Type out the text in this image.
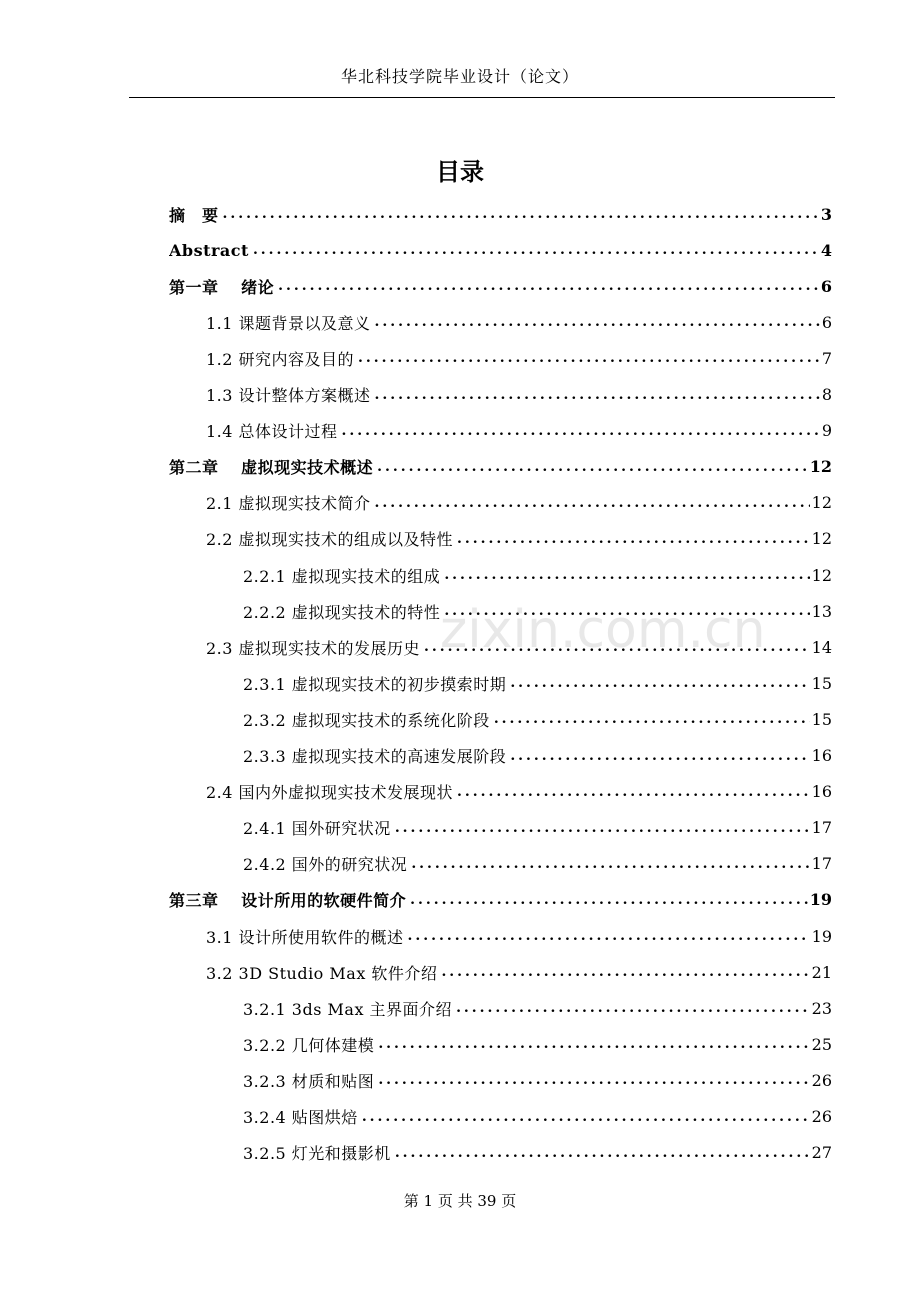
华北科技学院毕业设计（论文）
目录
摘　要 .....	3
Abstract .....	4
第一章　 绪论 .....	6
1.1 课题背景以及意义 .....	6
1.2 研究内容及目的 .....	7
1.3 设计整体方案概述 .....	8
1.4 总体设计过程 .....	9
第二章　 虚拟现实技术概述 .....	12
2.1 虚拟现实技术简介 .....	12
2.2 虚拟现实技术的组成以及特性 .....	12
2.2.1 虚拟现实技术的组成 .....	12
2.2.2 虚拟现实技术的特性 .....	13
2.3 虚拟现实技术的发展历史 .....	14
2.3.1 虚拟现实技术的初步摸索时期 .....	15
2.3.2 虚拟现实技术的系统化阶段 .....	15
2.3.3 虚拟现实技术的高速发展阶段 .....	16
2.4 国内外虚拟现实技术发展现状 .....	16
2.4.1 国外研究状况 .....	17
2.4.2 国外的研究状况 .....	17
第三章　 设计所用的软硬件简介 .....	19
3.1 设计所使用软件的概述 .....	19
3.2 3D Studio Max 软件介绍 .....	21
3.2.1 3ds Max 主界面介绍 .....	23
3.2.2 几何体建模 .....	25
3.2.3 材质和贴图 .....	26
3.2.4 贴图烘焙 .....	26
3.2.5 灯光和摄影机 .....	27
zixin.com.cn
第 1 页 共 39 页
